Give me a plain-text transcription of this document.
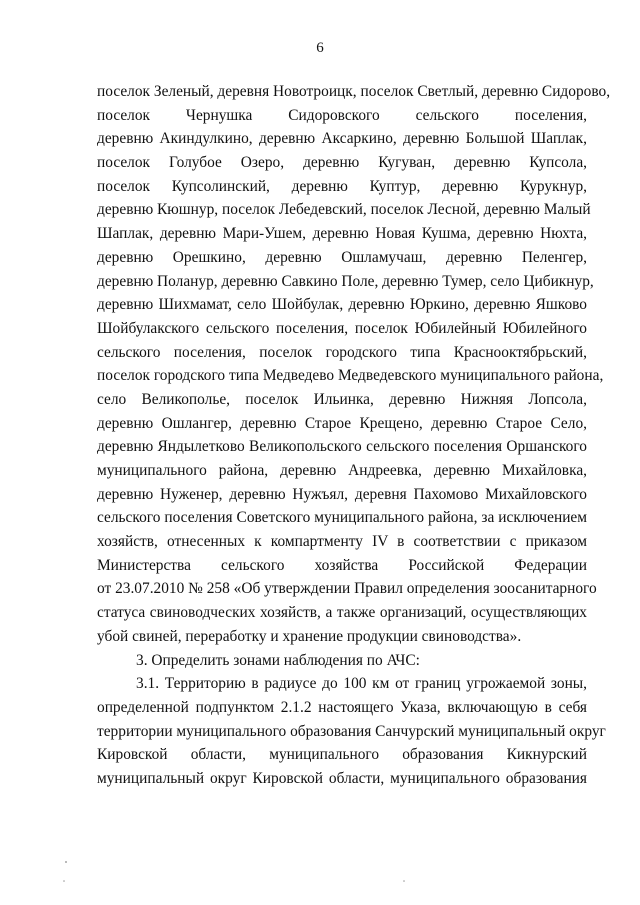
6
поселок Зеленый, деревня Новотроицк, поселок Светлый, деревню Сидорово,
поселок Чернушка Сидоровского сельского поселения,
деревню Акиндулкино, деревню Аксаркино, деревню Большой Шаплак,
поселок Голубое Озеро, деревню Кугуван, деревню Купсола,
поселок Купсолинский, деревню Куптур, деревню Курукнур,
деревню Кюшнур, поселок Лебедевский, поселок Лесной, деревню Малый
Шаплак, деревню Мари-Ушем, деревню Новая Кушма, деревню Нюхта,
деревню Орешкино, деревню Ошламучаш, деревню Пеленгер,
деревню Поланур, деревню Савкино Поле, деревню Тумер, село Цибикнур,
деревню Шихмамат, село Шойбулак, деревню Юркино, деревню Яшково
Шойбулакского сельского поселения, поселок Юбилейный Юбилейного
сельского поселения, поселок городского типа Краснооктябрьский,
поселок городского типа Медведево Медведевского муниципального района,
село Великополье, поселок Ильинка, деревню Нижняя Лопсола,
деревню Ошлангер, деревню Старое Крещено, деревню Старое Село,
деревню Яндылетково Великопольского сельского поселения Оршанского
муниципального района, деревню Андреевка, деревню Михайловка,
деревню Нуженер, деревню Нужъял, деревня Пахомово Михайловского
сельского поселения Советского муниципального района, за исключением
хозяйств, отнесенных к компартменту IV в соответствии с приказом
Министерства сельского хозяйства Российской Федерации
от 23.07.2010 № 258 «Об утверждении Правил определения зоосанитарного
статуса свиноводческих хозяйств, а также организаций, осуществляющих
убой свиней, переработку и хранение продукции свиноводства».
3. Определить зонами наблюдения по АЧС:
3.1. Территорию в радиусе до 100 км от границ угрожаемой зоны,
определенной подпунктом 2.1.2 настоящего Указа, включающую в себя
территории муниципального образования Санчурский муниципальный округ
Кировской области, муниципального образования Кикнурский
муниципальный округ Кировской области, муниципального образования
